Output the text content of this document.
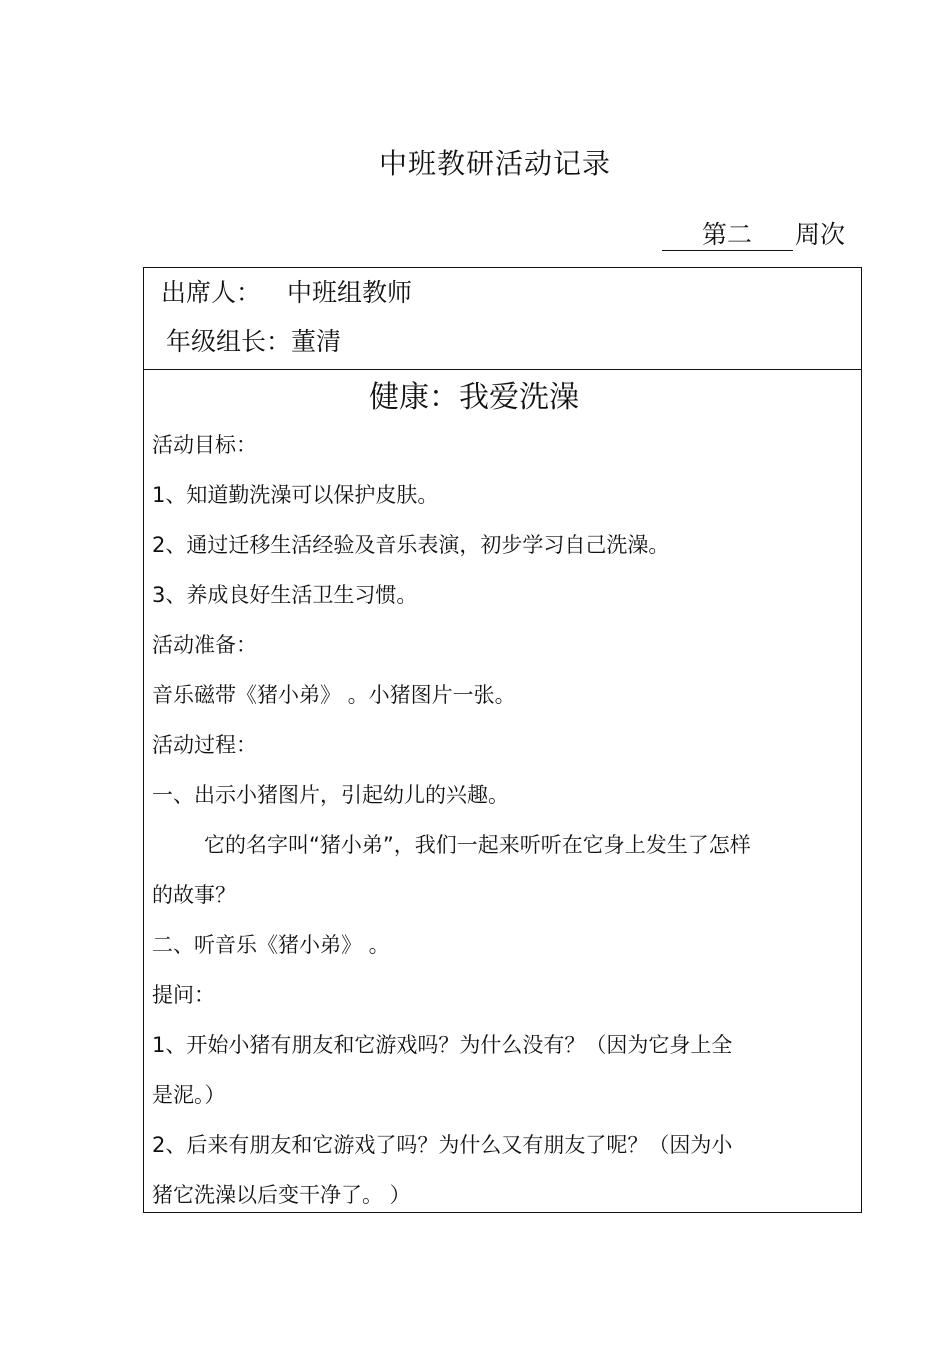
中班教研活动记录
第二 周次
出席人： 中班组教师
年级组长：董清
健康：我爱洗澡
活动目标：
1、知道勤洗澡可以保护皮肤。
2、通过迁移生活经验及音乐表演，初步学习自己洗澡。
3、养成良好生活卫生习惯。
活动准备：
音乐磁带《猪小弟》 。小猪图片一张。
活动过程：
一、出示小猪图片，引起幼儿的兴趣。
它的名字叫“猪小弟”，我们一起来听听在它身上发生了怎样
的故事？
二、听音乐《猪小弟》 。
提问：
1、开始小猪有朋友和它游戏吗？为什么没有？（因为它身上全
是泥。）
2、后来有朋友和它游戏了吗？为什么又有朋友了呢？（因为小
猪它洗澡以后变干净了。 ）
